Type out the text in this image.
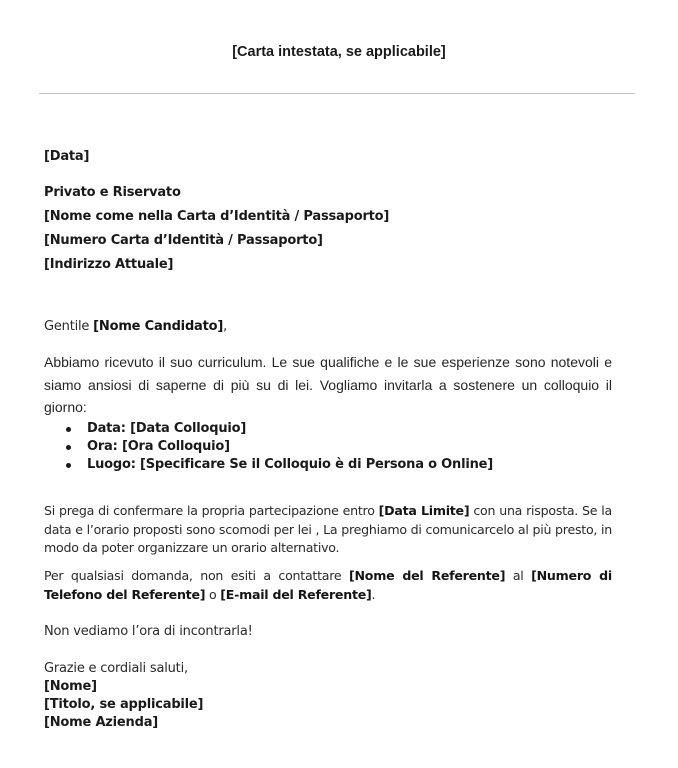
[Carta intestata, se applicabile]
[Data]
Privato e Riservato
[Nome come nella Carta d’Identità / Passaporto]
[Numero Carta d’Identità / Passaporto]
[Indirizzo Attuale]
Gentile [Nome Candidato],
Abbiamo ricevuto il suo curriculum. Le sue qualifiche e le sue esperienze sono notevoli e siamo ansiosi di saperne di più su di lei. Vogliamo invitarla a sostenere un colloquio il giorno:
Data: [Data Colloquio]
Ora: [Ora Colloquio]
Luogo: [Specificare Se il Colloquio è di Persona o Online]
Si prega di confermare la propria partecipazione entro [Data Limite] con una risposta. Se la data e l’orario proposti sono scomodi per lei , La preghiamo di comunicarcelo al più presto, in modo da poter organizzare un orario alternativo.
Per qualsiasi domanda, non esiti a contattare [Nome del Referente] al [Numero di Telefono del Referente] o [E-mail del Referente].
Non vediamo l’ora di incontrarla!
Grazie e cordiali saluti,
[Nome]
[Titolo, se applicabile]
[Nome Azienda]
